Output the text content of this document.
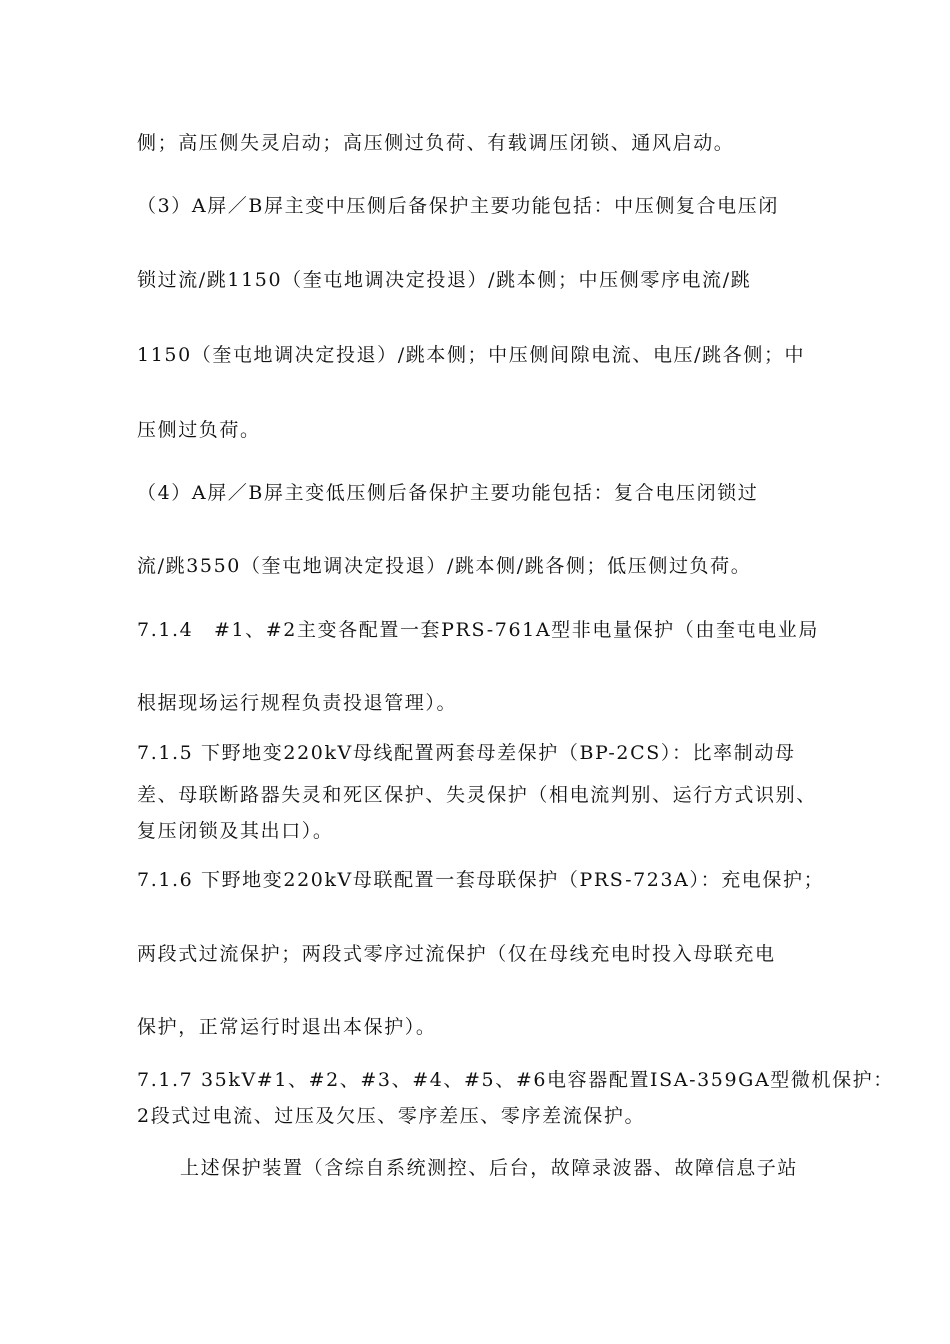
侧；高压侧失灵启动；高压侧过负荷、有载调压闭锁、通风启动。
（3）A屏／B屏主变中压侧后备保护主要功能包括：中压侧复合电压闭
锁过流/跳1150（奎屯地调决定投退）/跳本侧；中压侧零序电流/跳
1150（奎屯地调决定投退）/跳本侧；中压侧间隙电流、电压/跳各侧；中
压侧过负荷。
（4）A屏／B屏主变低压侧后备保护主要功能包括：复合电压闭锁过
流/跳3550（奎屯地调决定投退）/跳本侧/跳各侧；低压侧过负荷。
7.1.4　#1、#2主变各配置一套PRS-761A型非电量保护（由奎屯电业局
根据现场运行规程负责投退管理）。
7.1.5 下野地变220kV母线配置两套母差保护（BP-2CS）：比率制动母
差、母联断路器失灵和死区保护、失灵保护（相电流判别、运行方式识别、
复压闭锁及其出口）。
7.1.6 下野地变220kV母联配置一套母联保护（PRS-723A）：充电保护；
两段式过流保护；两段式零序过流保护（仅在母线充电时投入母联充电
保护，正常运行时退出本保护）。
7.1.7 35kV#1、#2、#3、#4、#5、#6电容器配置ISA-359GA型微机保护：
2段式过电流、过压及欠压、零序差压、零序差流保护。
上述保护装置（含综自系统测控、后台，故障录波器、故障信息子站
